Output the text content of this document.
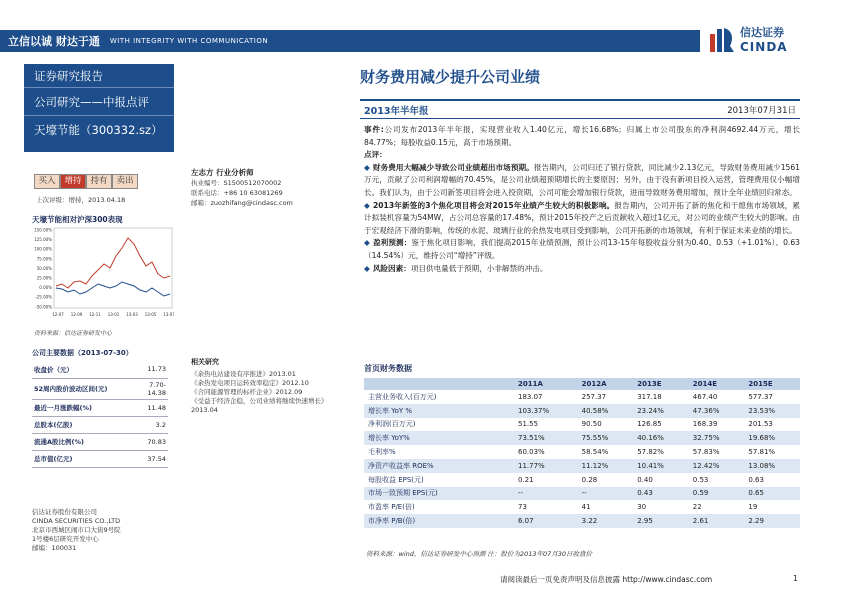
立信以诚 财达于通 WITH INTEGRITY WITH COMMUNICATION
信达证券
CINDA
证券研究报告
公司研究——中报点评
天壕节能（300332.sz）
买入	增持	持有	卖出
上次评级：增持，2013.04.18
天壕节能相对沪深300表现
150.00%
125.00%
100.00%
75.00%
50.00%
25.00%
0.00%
-25.00%
-50.00%
12-07 12-09 12-11 13-01 13-03 13-05 13-07
资料来源：信达证券研发中心
公司主要数据（2013-07-30）
收盘价（元）	11.73
52周内股价波动区间(元)	7.70-14.38
最近一月涨跌幅(%)	11.48
总股本(亿股)	3.2
流通A股比例(%)	70.83
总市值(亿元)	37.54
信达证券股份有限公司
CINDA SECURITIES CO.,LTD
北京市西城区闹市口大街9号院
1号楼6层研究开发中心
邮编：100031
左志方 行业分析师
执业编号：S1500512070002
联系电话：+86 10 63081269
邮箱：zuozhifang@cindasc.com
相关研究
《余热电站建设有序推进》2013.01
《余热发电项目运转效率稳定》2012.10
《合同能源管理的标杆企业》2012.09
《受益于经济企稳，公司业绩将继续快速增长》2013.04
财务费用减少提升公司业绩
2013年半年报	2013年07月31日

事件:公司发布2013年半年报，实现营业收入1.40亿元，增长16.68%；归属上市公司股东的净利润4692.44万元，增长84.77%；每股收益0.15元，高于市场预期。

点评：

◆ 财务费用大幅减少导致公司业绩超出市场预期。报告期内，公司归还了银行贷款，同比减少2.13亿元，导致财务费用减少1561万元，贡献了公司利润增幅的70.45%，是公司业绩超预期增长的主要原因；另外，由于没有新项目投入运营，管理费用仅小幅增长。我们认为，由于公司新签项目将会进入投资期，公司可能会增加银行贷款，进而导致财务费用增加，预计全年业绩回归常态。

◆ 2013年新签的3个焦化项目将会对2015年业绩产生较大的积极影响。报告期内，公司开拓了新的焦化和干熄焦市场领域，累计拟装机容量为54MW，占公司总容量的17.48%，预计2015年投产之后贡献收入超过1亿元，对公司的业绩产生较大的影响。由于宏观经济下滑的影响，传统的水泥、玻璃行业的余热发电项目受到影响，公司开拓新的市场领域，有利于保证未来业绩的增长。

◆ 盈利预测：鉴于焦化项目影响，我们提高2015年业绩预测，预计公司13-15年每股收益分别为0.40、0.53（+1.01%）、0.63（14.54%）元，维持公司“增持”评级。

◆ 风险因素：项目供电量低于预期，小非解禁的冲击。

首页财务数据
	2011A	2012A	2013E	2014E	2015E
主营业务收入(百万元)	183.07	257.37	317.18	467.40	577.37
增长率 YoY %	103.37%	40.58%	23.24%	47.36%	23.53%
净利润(百万元)	51.55	90.50	126.85	168.39	201.53
增长率 YoY%	73.51%	75.55%	40.16%	32.75%	19.68%
毛利率%	60.03%	58.54%	57.82%	57.83%	57.81%
净资产收益率 ROE%	11.77%	11.12%	10.41%	12.42%	13.08%
每股收益 EPS(元)	0.21	0.28	0.40	0.53	0.63
市场一致预期 EPS(元)	--	--	0.43	0.59	0.65
市盈率 P/E(倍)	73	41	30	22	19
市净率 P/B(倍)	6.07	3.22	2.95	2.61	2.29
资料来源：wind，信达证券研发中心预测 注：股价为2013年07月30日收盘价
请阅读最后一页免责声明及信息披露 http://www.cindasc.com	1
